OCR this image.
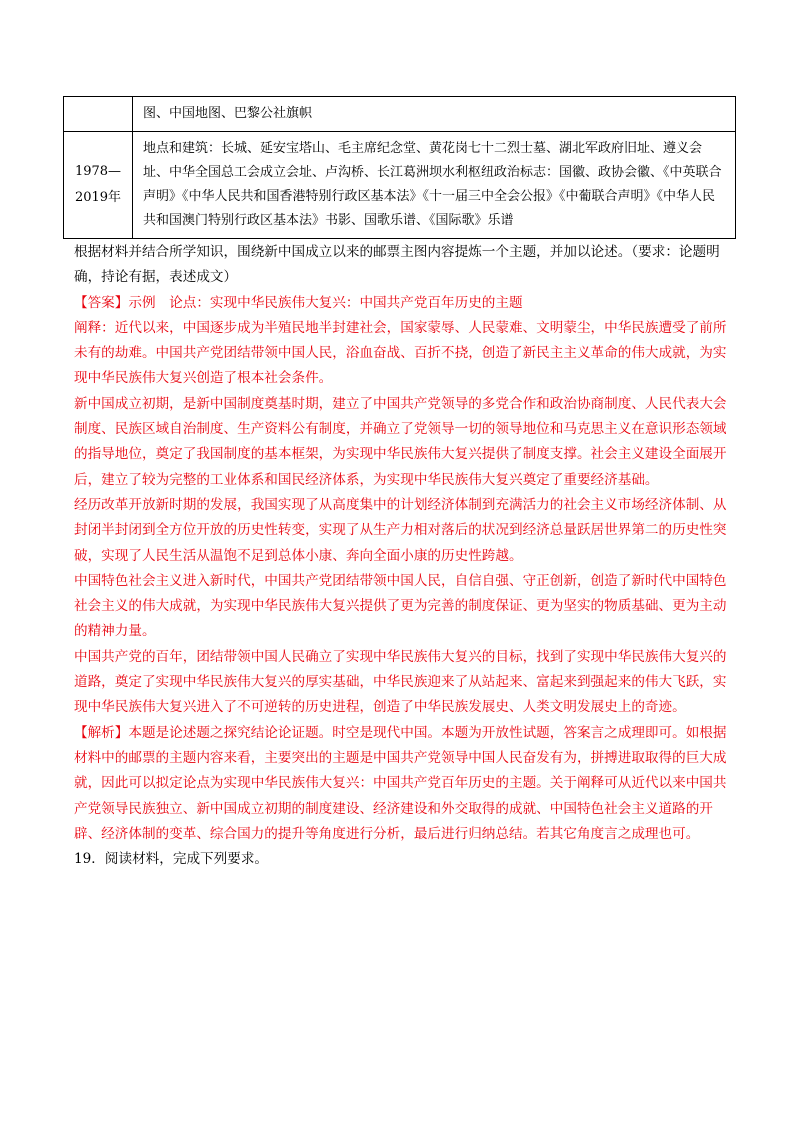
	图、中国地图、巴黎公社旗帜
1978—2019年	地点和建筑：长城、延安宝塔山、毛主席纪念堂、黄花岗七十二烈士墓、湖北军政府旧址、遵义会址、中华全国总工会成立会址、卢沟桥、长江葛洲坝水利枢纽政治标志：国徽、政协会徽、《中英联合声明》《中华人民共和国香港特别行政区基本法》《十一届三中全会公报》《中葡联合声明》《中华人民共和国澳门特别行政区基本法》书影、国歌乐谱、《国际歌》乐谱

根据材料并结合所学知识，围绕新中国成立以来的邮票主图内容提炼一个主题，并加以论述。（要求：论题明确，持论有据，表述成文）

【答案】示例　论点：实现中华民族伟大复兴：中国共产党百年历史的主题

阐释：近代以来，中国逐步成为半殖民地半封建社会，国家蒙辱、人民蒙难、文明蒙尘，中华民族遭受了前所未有的劫难。中国共产党团结带领中国人民，浴血奋战、百折不挠，创造了新民主主义革命的伟大成就，为实现中华民族伟大复兴创造了根本社会条件。

新中国成立初期，是新中国制度奠基时期，建立了中国共产党领导的多党合作和政治协商制度、人民代表大会制度、民族区域自治制度、生产资料公有制度，并确立了党领导一切的领导地位和马克思主义在意识形态领域的指导地位，奠定了我国制度的基本框架，为实现中华民族伟大复兴提供了制度支撑。社会主义建设全面展开后，建立了较为完整的工业体系和国民经济体系，为实现中华民族伟大复兴奠定了重要经济基础。

经历改革开放新时期的发展，我国实现了从高度集中的计划经济体制到充满活力的社会主义市场经济体制、从封闭半封闭到全方位开放的历史性转变，实现了从生产力相对落后的状况到经济总量跃居世界第二的历史性突破，实现了人民生活从温饱不足到总体小康、奔向全面小康的历史性跨越。

中国特色社会主义进入新时代，中国共产党团结带领中国人民，自信自强、守正创新，创造了新时代中国特色社会主义的伟大成就，为实现中华民族伟大复兴提供了更为完善的制度保证、更为坚实的物质基础、更为主动的精神力量。

中国共产党的百年，团结带领中国人民确立了实现中华民族伟大复兴的目标，找到了实现中华民族伟大复兴的道路，奠定了实现中华民族伟大复兴的厚实基础，中华民族迎来了从站起来、富起来到强起来的伟大飞跃，实现中华民族伟大复兴进入了不可逆转的历史进程，创造了中华民族发展史、人类文明发展史上的奇迹。

【解析】本题是论述题之探究结论论证题。时空是现代中国。本题为开放性试题，答案言之成理即可。如根据材料中的邮票的主题内容来看，主要突出的主题是中国共产党领导中国人民奋发有为，拼搏进取取得的巨大成就，因此可以拟定论点为实现中华民族伟大复兴：中国共产党百年历史的主题。关于阐释可从近代以来中国共产党领导民族独立、新中国成立初期的制度建设、经济建设和外交取得的成就、中国特色社会主义道路的开辟、经济体制的变革、综合国力的提升等角度进行分析，最后进行归纳总结。若其它角度言之成理也可。

19．阅读材料，完成下列要求。
